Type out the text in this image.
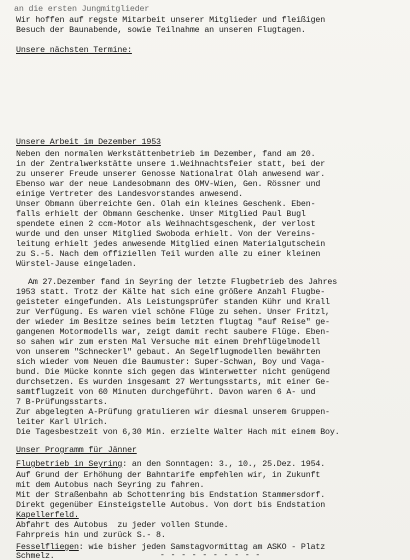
an die ersten Jungmitglieder
Wir hoffen auf regste Mitarbeit unserer Mitglieder und fleißigen
Besuch der Baunabende, sowie Teilnahme an unseren Flugtagen.
Unsere nächsten Termine:

Unsere Arbeit im Dezember 1953
Neben den normalen Werkstättenbetrieb im Dezember, fand am 20.
in der Zentralwerkstätte unsere 1.Weihnachtsfeier statt, bei der
zu unserer Freude unserer Genosse Nationalrat Olah anwesend war.
Ebenso war der neue Landesobmann des ÖMV-Wien, Gen. Rössner und
einige Vertreter des Landesvorstandes anwesend.
Unser Obmann überreichte Gen. Olah ein kleines Geschenk. Eben-
falls erhielt der Obmann Geschenke. Unser Mitglied Paul Bugl
spendete einen 2 ccm-Motor als Weihnachtsgeschenk, der verlost
wurde und den unser Mitglied Swoboda erhielt. Von der Vereins-
leitung erhielt jedes anwesende Mitglied einen Materialgutschein
zu S.-5. Nach dem offiziellen Teil wurden alle zu einer kleinen
Würstel-Jause eingeladen.
Am 27.Dezember fand in Seyring der letzte Flugbetrieb des Jahres
1953 statt. Trotz der Kälte hat sich eine größere Anzahl Flugbe-
geisteter eingefunden. Als Leistungsprüfer standen Kühr und Krall
zur Verfügung. Es waren viel schöne Flüge zu sehen. Unser Fritzl,
der wieder im Besitze seines beim letzten flugtag "auf Reise" ge-
gangenen Motormodells war, zeigt damit recht saubere Flüge. Eben-
so sahen wir zum ersten Mal Versuche mit einem Drehflügelmodell
von unserem "Schneckerl" gebaut. An Segelflugmodellen bewährten
sich wieder vom Neuen die Baumuster: Super-Schwan, Boy und Vaga-
bund. Die Mücke konnte sich gegen das Winterwetter nicht genügend
durchsetzen. Es wurden insgesamt 27 Wertungsstarts, mit einer Ge-
samtflugzeit von 60 Minuten durchgeführt. Davon waren 6 A- und
7 B-Prüfungsstarts.
Zur abgelegten A-Prüfung gratulieren wir diesmal unserem Gruppen-
leiter Karl Ulrich.
Die Tagesbestzeit von 6,30 Min. erzielte Walter Hach mit einem Boy.
Unser Programm für Jänner
Flugbetrieb in Seyring: an den Sonntagen: 3., 10., 25.Dez. 1954.
Auf Grund der Erhöhung der Bahntarife empfehlen wir, in Zukunft
mit dem Autobus nach Seyring zu fahren.
Mit der Straßenbahn ab Schottenring bis Endstation Stammersdorf.
Direkt gegenüber Einsteigstelle Autobus. Von dort bis Endstation
Kapellerfeld.
Abfahrt des Autobus  zu jeder vollen Stunde.
Fahrpreis hin und zurück S.- 8.
Fesselfliegen: wie bisher jeden Samstagvormittag am ASKÖ - Platz
Schmelz.	- - - - - - - - - -
